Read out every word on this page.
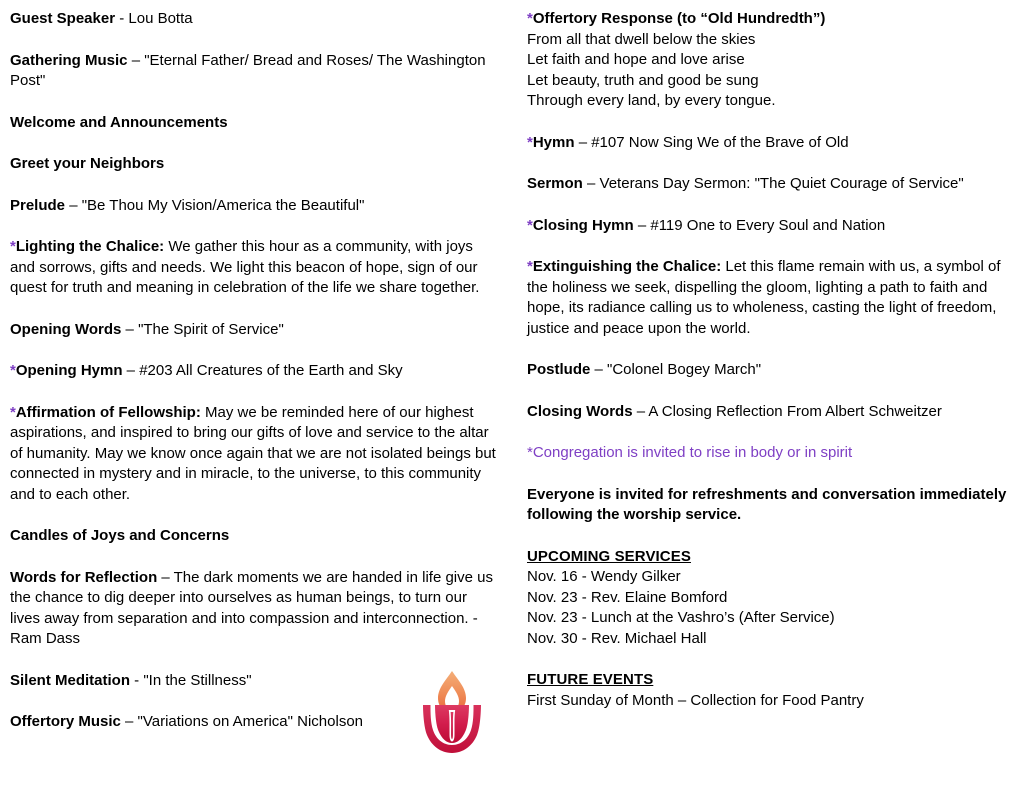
Guest Speaker - Lou Botta

Gathering Music – "Eternal Father/ Bread and Roses/ The Washington Post"

Welcome and Announcements

Greet your Neighbors

Prelude – "Be Thou My Vision/America the Beautiful"

*Lighting the Chalice: We gather this hour as a community, with joys and sorrows, gifts and needs. We light this beacon of hope, sign of our quest for truth and meaning in celebration of the life we share together.

Opening Words – "The Spirit of Service"

*Opening Hymn – #203 All Creatures of the Earth and Sky

*Affirmation of Fellowship: May we be reminded here of our highest aspirations, and inspired to bring our gifts of love and service to the altar of humanity. May we know once again that we are not isolated beings but connected in mystery and in miracle, to the universe, to this community and to each other.

Candles of Joys and Concerns

Words for Reflection – The dark moments we are handed in life give us the chance to dig deeper into ourselves as human beings, to turn our lives away from separation and into compassion and interconnection. -Ram Dass

Silent Meditation - "In the Stillness"

Offertory Music – "Variations on America" Nicholson

*Offertory Response (to “Old Hundredth”)
From all that dwell below the skies
Let faith and hope and love arise
Let beauty, truth and good be sung
Through every land, by every tongue.

*Hymn – #107 Now Sing We of the Brave of Old

Sermon – Veterans Day Sermon: "The Quiet Courage of Service"

*Closing Hymn – #119 One to Every Soul and Nation

*Extinguishing the Chalice: Let this flame remain with us, a symbol of the holiness we seek, dispelling the gloom, lighting a path to faith and hope, its radiance calling us to wholeness, casting the light of freedom, justice and peace upon the world.

Postlude – "Colonel Bogey March"

Closing Words – A Closing Reflection From Albert Schweitzer

*Congregation is invited to rise in body or in spirit

Everyone is invited for refreshments and conversation immediately following the worship service.

UPCOMING SERVICES
Nov. 16 - Wendy Gilker
Nov. 23 - Rev. Elaine Bomford
Nov. 23 - Lunch at the Vashro’s (After Service)
Nov. 30 - Rev. Michael Hall
FUTURE EVENTS
First Sunday of Month – Collection for Food Pantry
